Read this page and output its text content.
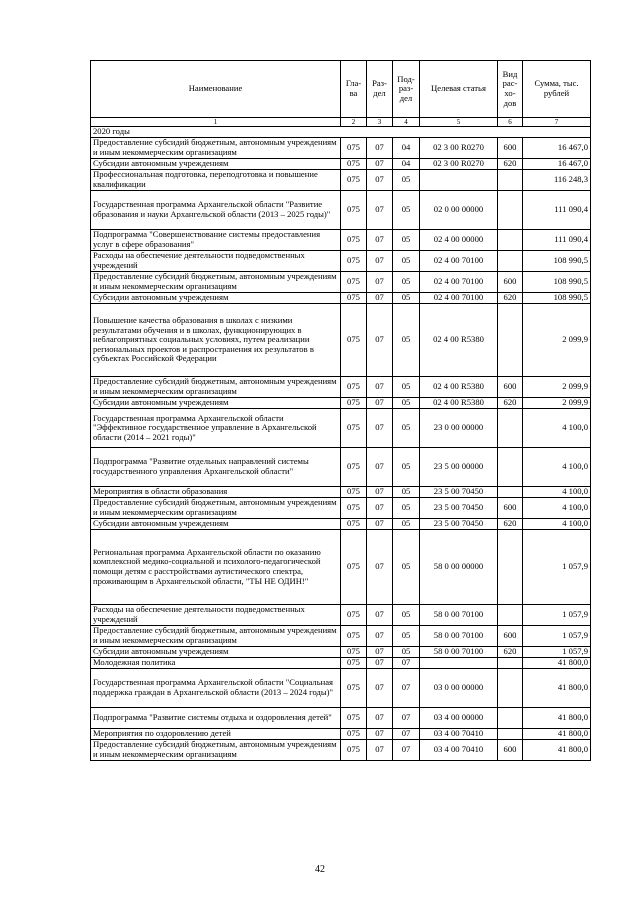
Наименование	Гла-ва	Раз-дел	Под-раз-дел	Целевая статья	Вид рас-хо-дов	Сумма, тыс. рублей
1	2	3	4	5	6	7
2020 годы						
Предоставление субсидий бюджетным, автономным учреждениям и иным некоммерческим организациям	075	07	04	02 3 00 R0270	600	16 467,0
Субсидии автономным учреждениям	075	07	04	02 3 00 R0270	620	16 467,0
Профессиональная подготовка, переподготовка и повышение квалификации	075	07	05			116 248,3
Государственная программа Архангельской области "Развитие образования и науки Архангельской области (2013 – 2025 годы)"	075	07	05	02 0 00 00000		111 090,4
Подпрограмма "Совершенствование системы предоставления услуг в сфере образования"	075	07	05	02 4 00 00000		111 090,4
Расходы на обеспечение деятельности подведомственных учреждений	075	07	05	02 4 00 70100		108 990,5
Предоставление субсидий бюджетным, автономным учреждениям и иным некоммерческим организациям	075	07	05	02 4 00 70100	600	108 990,5
Субсидии автономным учреждениям	075	07	05	02 4 00 70100	620	108 990,5
Повышение качества образования в школах с низкими результатами обучения и в школах, функционирующих в неблагоприятных социальных условиях, путем реализации региональных проектов и распространения их результатов в субъектах Российской Федерации	075	07	05	02 4 00 R5380		2 099,9
Предоставление субсидий бюджетным, автономным учреждениям и иным некоммерческим организациям	075	07	05	02 4 00 R5380	600	2 099,9
Субсидии автономным учреждениям	075	07	05	02 4 00 R5380	620	2 099,9
Государственная программа Архангельской области "Эффективное государственное управление в Архангельской области (2014 – 2021 годы)"	075	07	05	23 0 00 00000		4 100,0
Подпрограмма "Развитие отдельных направлений системы государственного управления Архангельской области"	075	07	05	23 5 00 00000		4 100,0
Мероприятия в области образования	075	07	05	23 5 00 70450		4 100,0
Предоставление субсидий бюджетным, автономным учреждениям и иным некоммерческим организациям	075	07	05	23 5 00 70450	600	4 100,0
Субсидии автономным учреждениям	075	07	05	23 5 00 70450	620	4 100,0
Региональная программа Архангельской области по оказанию комплексной медико-социальной и психолого-педагогической помощи детям с расстройствами аутистического спектра, проживающим в Архангельской области, "ТЫ НЕ ОДИН!"	075	07	05	58 0 00 00000		1 057,9
Расходы на обеспечение деятельности подведомственных учреждений	075	07	05	58 0 00 70100		1 057,9
Предоставление субсидий бюджетным, автономным учреждениям и иным некоммерческим организациям	075	07	05	58 0 00 70100	600	1 057,9
Субсидии автономным учреждениям	075	07	05	58 0 00 70100	620	1 057,9
Молодежная политика	075	07	07			41 800,0
Государственная программа Архангельской области "Социальная поддержка граждан в Архангельской области (2013 – 2024 годы)"	075	07	07	03 0 00 00000		41 800,0
Подпрограмма "Развитие системы отдыха и оздоровления детей"	075	07	07	03 4 00 00000		41 800,0
Мероприятия по оздоровлению детей	075	07	07	03 4 00 70410		41 800,0
Предоставление субсидий бюджетным, автономным учреждениям и иным некоммерческим организациям	075	07	07	03 4 00 70410	600	41 800,0
42
